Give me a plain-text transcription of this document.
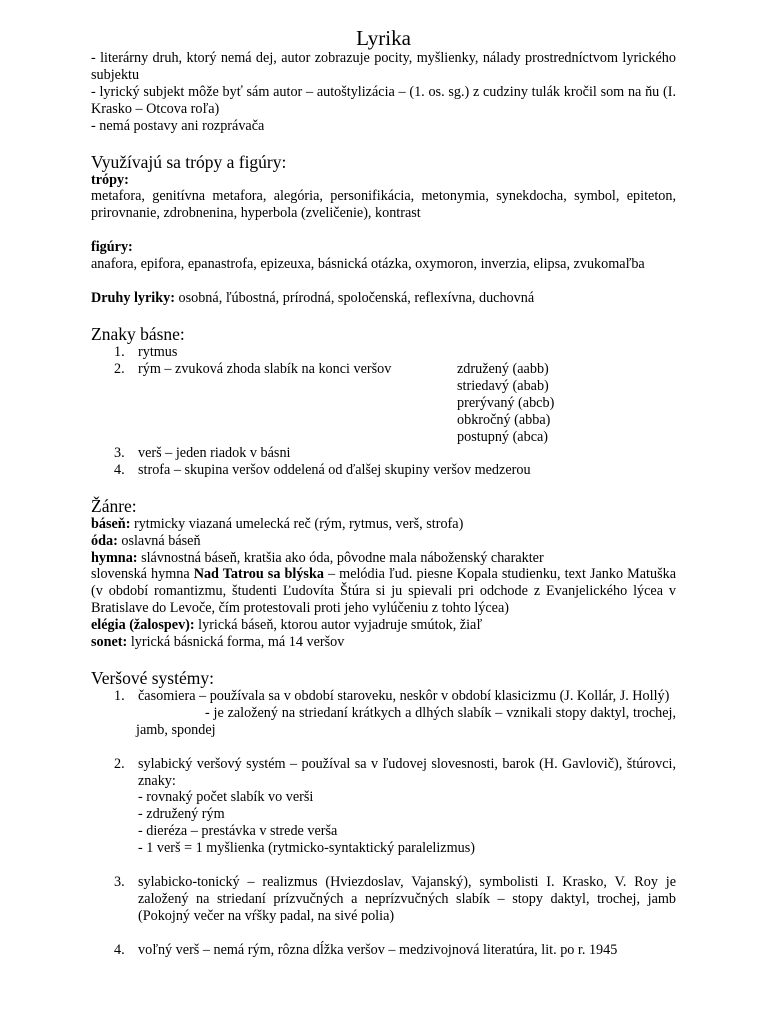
Lyrika

- literárny druh, ktorý nemá dej, autor zobrazuje pocity, myšlienky, nálady prostredníctvom lyrického subjektu

- lyrický subjekt môže byť sám autor – autoštylizácia – (1. os. sg.) z cudziny tulák kročil som na ňu (I. Krasko – Otcova roľa)

- nemá postavy ani rozprávača

Využívajú sa trópy a figúry:

trópy:

metafora, genitívna metafora, alegória, personifikácia, metonymia, synekdocha, symbol, epiteton, prirovnanie, zdrobnenina, hyperbola (zveličenie), kontrast

figúry:

anafora, epifora, epanastrofa, epizeuxa, básnická otázka, oxymoron, inverzia, elipsa, zvukomaľba

Druhy lyriky: osobná, ľúbostná, prírodná, spoločenská, reflexívna, duchovná

Znaky básne:
1. rytmus
2. rým – zvuková zhoda slabík na konci veršov	združený (aabb)
striedavý (abab)
prerývaný (abcb)
obkročný (abba)
postupný (abca)
3. verš – jeden riadok v básni
4. strofa – skupina veršov oddelená od ďalšej skupiny veršov medzerou
Žánre:

báseň: rytmicky viazaná umelecká reč (rým, rytmus, verš, strofa)

óda: oslavná báseň

hymna: slávnostná báseň, kratšia ako óda, pôvodne mala náboženský charakter

slovenská hymna Nad Tatrou sa blýska – melódia ľud. piesne Kopala studienku, text Janko Matuška (v období romantizmu, študenti Ľudovíta Štúra si ju spievali pri odchode z Evanjelického lýcea v Bratislave do Levoče, čím protestovali proti jeho vylúčeniu z tohto lýcea)

elégia (žalospev): lyrická báseň, ktorou autor vyjadruje smútok, žiaľ

sonet: lyrická básnická forma, má 14 veršov

Veršové systémy:
1. časomiera – používala sa v období staroveku, neskôr v období klasicizmu (J. Kollár, J. Hollý)
- je založený na striedaní krátkych a dlhých slabík – vznikali stopy daktyl, trochej, jamb, spondej
2. sylabický veršový systém – používal sa v ľudovej slovesnosti, barok (H. Gavlovič), štúrovci, znaky:
- rovnaký počet slabík vo verši
- združený rým
- dieréza – prestávka v strede verša
- 1 verš = 1 myšlienka (rytmicko-syntaktický paralelizmus)
3. sylabicko-tonický – realizmus (Hviezdoslav, Vajanský), symbolisti I. Krasko, V. Roy je založený na striedaní prízvučných a neprízvučných slabík – stopy daktyl, trochej, jamb (Pokojný večer na vŕšky padal, na sivé polia)
4. voľný verš – nemá rým, rôzna dĺžka veršov – medzivojnová literatúra, lit. po r. 1945
